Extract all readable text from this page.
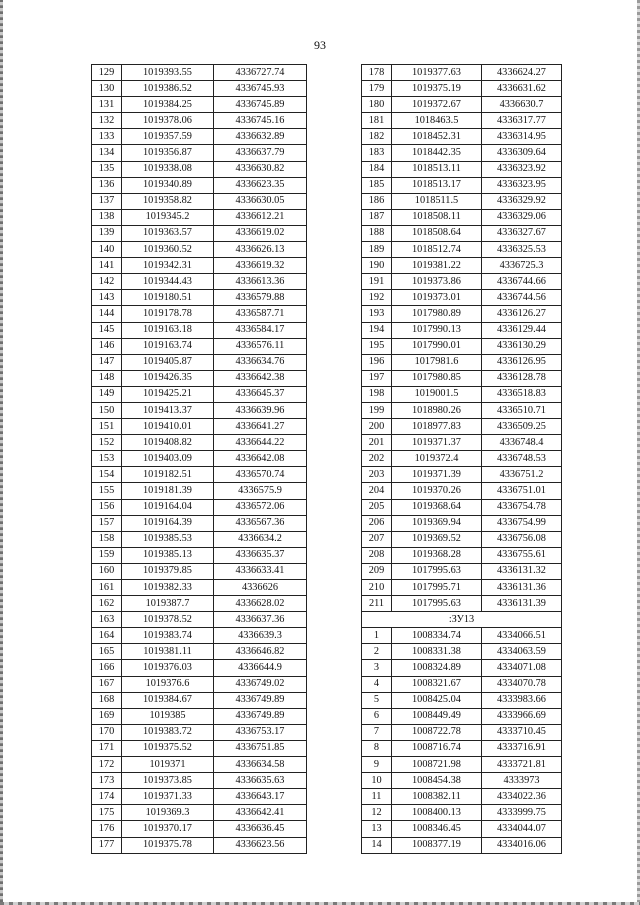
93
129	1019393.55	4336727.74
130	1019386.52	4336745.93
131	1019384.25	4336745.89
132	1019378.06	4336745.16
133	1019357.59	4336632.89
134	1019356.87	4336637.79
135	1019338.08	4336630.82
136	1019340.89	4336623.35
137	1019358.82	4336630.05
138	1019345.2	4336612.21
139	1019363.57	4336619.02
140	1019360.52	4336626.13
141	1019342.31	4336619.32
142	1019344.43	4336613.36
143	1019180.51	4336579.88
144	1019178.78	4336587.71
145	1019163.18	4336584.17
146	1019163.74	4336576.11
147	1019405.87	4336634.76
148	1019426.35	4336642.38
149	1019425.21	4336645.37
150	1019413.37	4336639.96
151	1019410.01	4336641.27
152	1019408.82	4336644.22
153	1019403.09	4336642.08
154	1019182.51	4336570.74
155	1019181.39	4336575.9
156	1019164.04	4336572.06
157	1019164.39	4336567.36
158	1019385.53	4336634.2
159	1019385.13	4336635.37
160	1019379.85	4336633.41
161	1019382.33	4336626
162	1019387.7	4336628.02
163	1019378.52	4336637.36
164	1019383.74	4336639.3
165	1019381.11	4336646.82
166	1019376.03	4336644.9
167	1019376.6	4336749.02
168	1019384.67	4336749.89
169	1019385	4336749.89
170	1019383.72	4336753.17
171	1019375.52	4336751.85
172	1019371	4336634.58
173	1019373.85	4336635.63
174	1019371.33	4336643.17
175	1019369.3	4336642.41
176	1019370.17	4336636.45
177	1019375.78	4336623.56
178	1019377.63	4336624.27
179	1019375.19	4336631.62
180	1019372.67	4336630.7
181	1018463.5	4336317.77
182	1018452.31	4336314.95
183	1018442.35	4336309.64
184	1018513.11	4336323.92
185	1018513.17	4336323.95
186	1018511.5	4336329.92
187	1018508.11	4336329.06
188	1018508.64	4336327.67
189	1018512.74	4336325.53
190	1019381.22	4336725.3
191	1019373.86	4336744.66
192	1019373.01	4336744.56
193	1017980.89	4336126.27
194	1017990.13	4336129.44
195	1017990.01	4336130.29
196	1017981.6	4336126.95
197	1017980.85	4336128.78
198	1019001.5	4336518.83
199	1018980.26	4336510.71
200	1018977.83	4336509.25
201	1019371.37	4336748.4
202	1019372.4	4336748.53
203	1019371.39	4336751.2
204	1019370.26	4336751.01
205	1019368.64	4336754.78
206	1019369.94	4336754.99
207	1019369.52	4336756.08
208	1019368.28	4336755.61
209	1017995.63	4336131.32
210	1017995.71	4336131.36
211	1017995.63	4336131.39
:ЗУ13		
1	1008334.74	4334066.51
2	1008331.38	4334063.59
3	1008324.89	4334071.08
4	1008321.67	4334070.78
5	1008425.04	4333983.66
6	1008449.49	4333966.69
7	1008722.78	4333710.45
8	1008716.74	4333716.91
9	1008721.98	4333721.81
10	1008454.38	4333973
11	1008382.11	4334022.36
12	1008400.13	4333999.75
13	1008346.45	4334044.07
14	1008377.19	4334016.06
